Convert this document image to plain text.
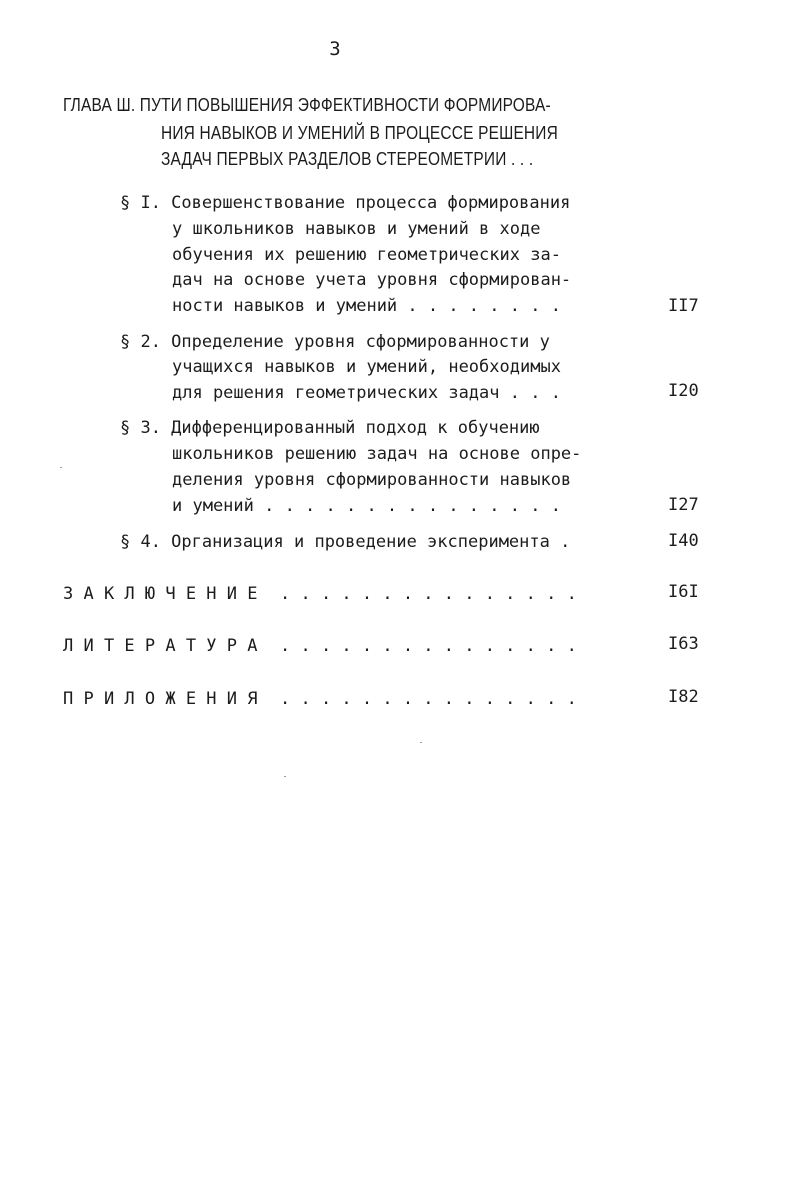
3
ГЛАВА Ш. ПУТИ ПОВЫШЕНИЯ ЭФФЕКТИВНОСТИ ФОРМИРОВА-
НИЯ НАВЫКОВ И УМЕНИЙ В ПРОЦЕССЕ РЕШЕНИЯ
ЗАДАЧ ПЕРВЫХ РАЗДЕЛОВ СТЕРЕОМЕТРИИ . . .
§ I. Совершенствование процесса формирования
у школьников навыков и умений в ходе
обучения их решению геометрических за-
дач на основе учета уровня сформирован-
ности навыков и умений . . . . . . . .	II7
§ 2. Определение уровня сформированности у
учащихся навыков и умений, необходимых
для решения геометрических задач . . .	I20
§ 3. Дифференцированный подход к обучению
школьников решению задач на основе опре-
деления уровня сформированности навыков
и умений . . . . . . . . . . . . . . .	I27
§ 4. Организация и проведение эксперимента .	I40
З А К Л Ю Ч Е Н И Е . . . . . . . . . . . . . . .	I6I
Л И Т Е Р А Т У Р А . . . . . . . . . . . . . . .	I63
П Р И Л О Ж Е Н И Я . . . . . . . . . . . . . . .	I82
